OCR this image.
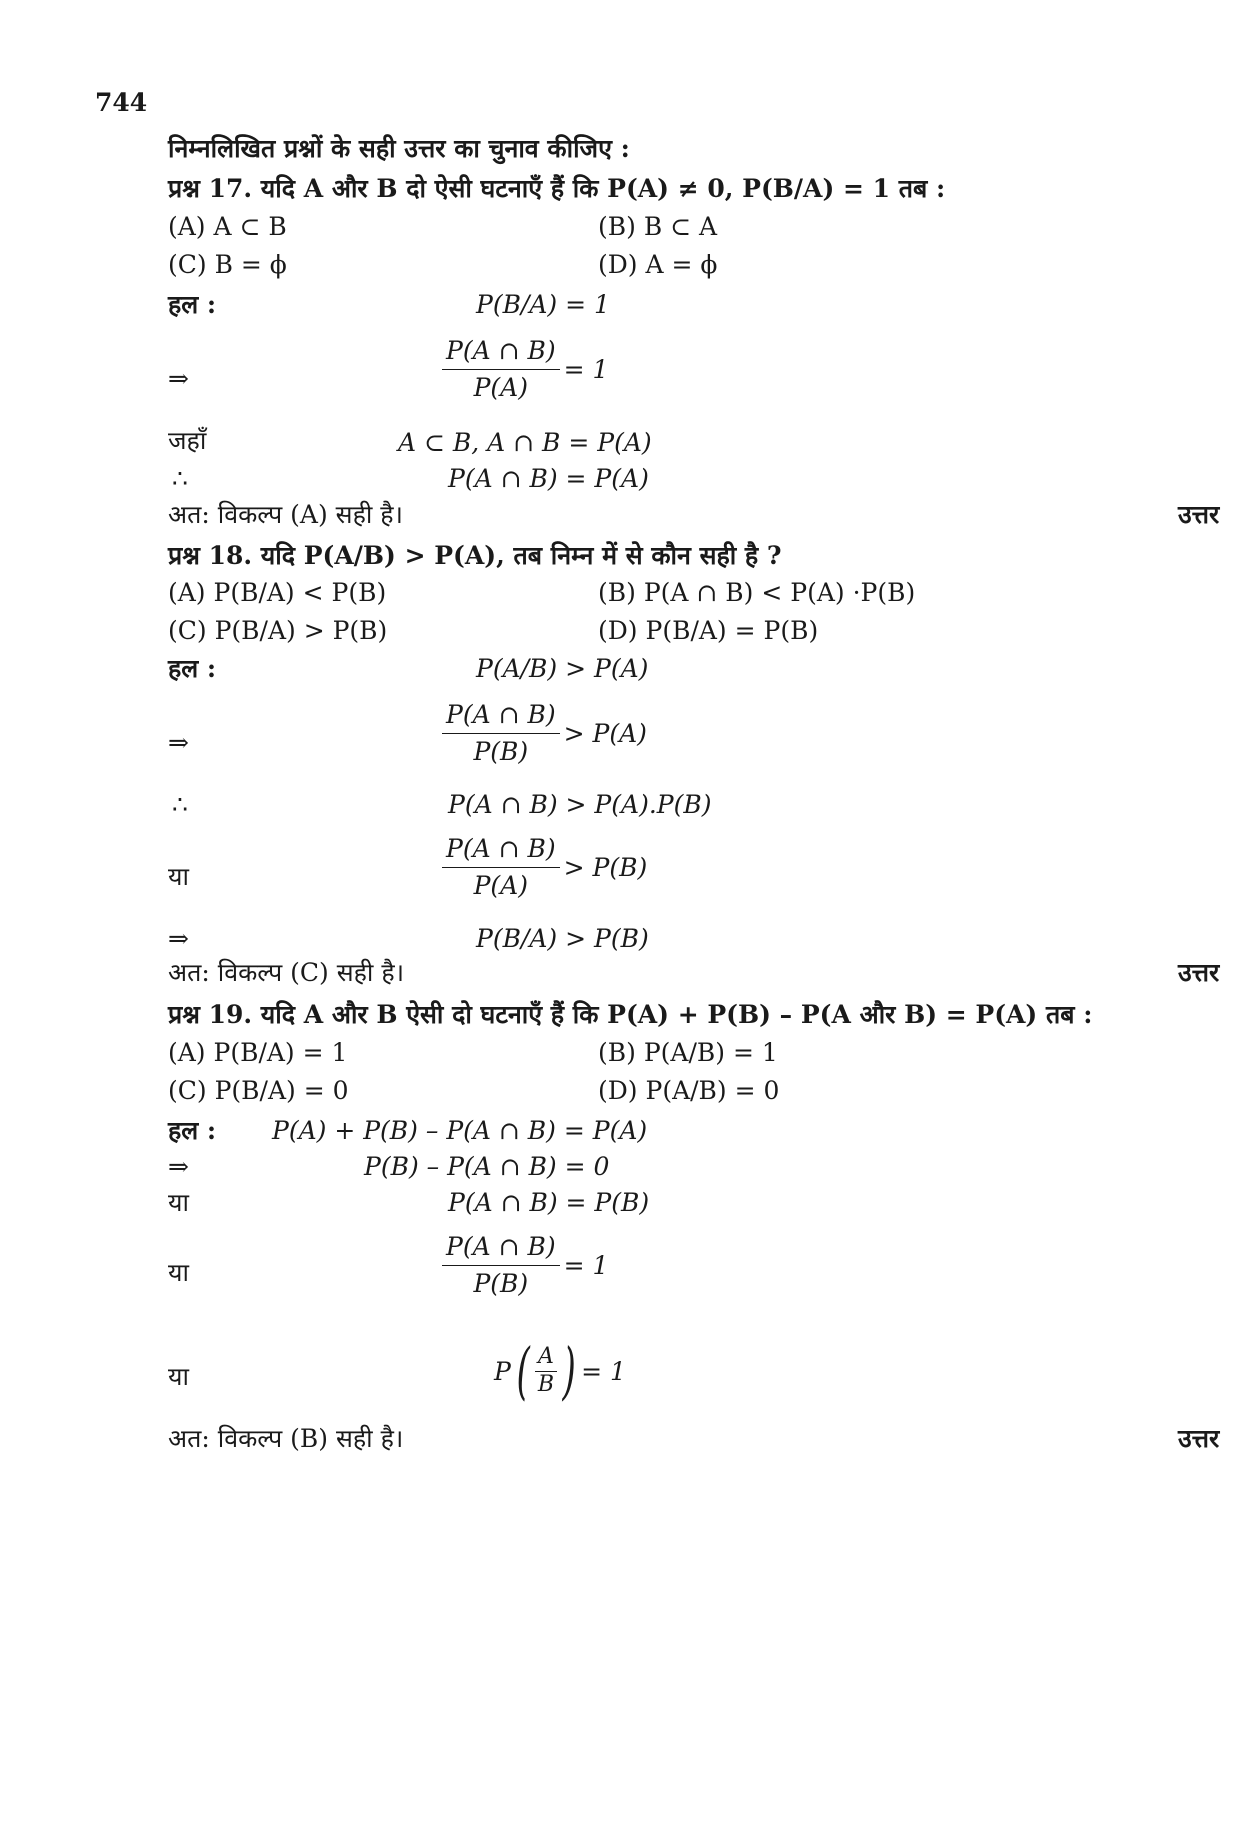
744
निम्नलिखित प्रश्नों के सही उत्तर का चुनाव कीजिए :
प्रश्न 17. यदि A और B दो ऐसी घटनाएँ हैं कि P(A) ≠ 0, P(B/A) = 1 तब :
(A) A ⊂ B	(B) B ⊂ A
(C) B = ϕ	(D) A = ϕ
हल :	P(B/A) = 1
⇒	$\frac{P(A \cap B)}{P(A)} = 1$
जहाँ	A ⊂ B, A ∩ B = P(A)
∴	P(A ∩ B) = P(A)
अत: विकल्प (A) सही है।	उत्तर
प्रश्न 18. यदि P(A/B) > P(A), तब निम्न में से कौन सही है ?
(A) P(B/A) < P(B)	(B) P(A ∩ B) < P(A) ·P(B)
(C) P(B/A) > P(B)	(D) P(B/A) = P(B)
हल :	P(A/B) > P(A)
⇒	$\frac{P(A \cap B)}{P(B)} > P(A)$
∴	P(A ∩ B) > P(A).P(B)
या	$\frac{P(A \cap B)}{P(A)} > P(B)$
⇒	P(B/A) > P(B)
अत: विकल्प (C) सही है।	उत्तर
प्रश्न 19. यदि A और B ऐसी दो घटनाएँ हैं कि P(A) + P(B) – P(A और B) = P(A) तब :
(A) P(B/A) = 1	(B) P(A/B) = 1
(C) P(B/A) = 0	(D) P(A/B) = 0
हल : P(A) + P(B) – P(A ∩ B) = P(A)
⇒	P(B) – P(A ∩ B) = 0
या	P(A ∩ B) = P(B)
या	$\frac{P(A \cap B)}{P(B)} = 1$
या	P ( $\frac{A}{B}$ ) = 1
अत: विकल्प (B) सही है।	उत्तर
